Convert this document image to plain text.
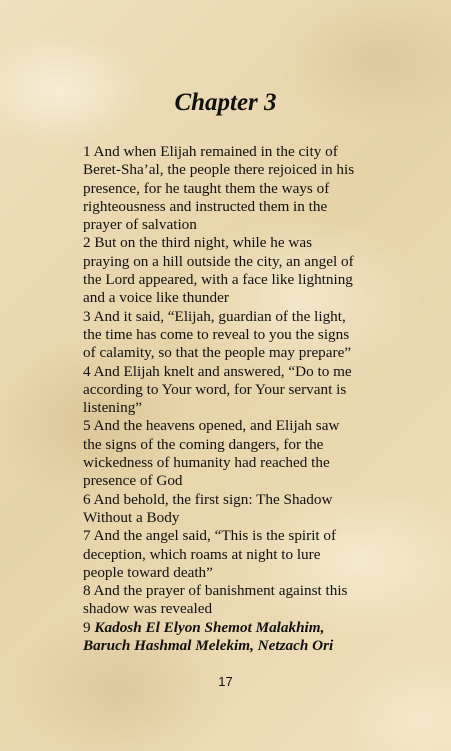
Chapter 3
1 And when Elijah remained in the city of
Beret-Sha’al, the people there rejoiced in his
presence, for he taught them the ways of
righteousness and instructed them in the
prayer of salvation
2 But on the third night, while he was
praying on a hill outside the city, an angel of
the Lord appeared, with a face like lightning
and a voice like thunder
3 And it said, “Elijah, guardian of the light,
the time has come to reveal to you the signs
of calamity, so that the people may prepare”
4 And Elijah knelt and answered, “Do to me
according to Your word, for Your servant is
listening”
5 And the heavens opened, and Elijah saw
the signs of the coming dangers, for the
wickedness of humanity had reached the
presence of God
6 And behold, the first sign: The Shadow
Without a Body
7 And the angel said, “This is the spirit of
deception, which roams at night to lure
people toward death”
8 And the prayer of banishment against this
shadow was revealed
9 Kadosh El Elyon Shemot Malakhim,
Baruch Hashmal Melekim, Netzach Ori
17
